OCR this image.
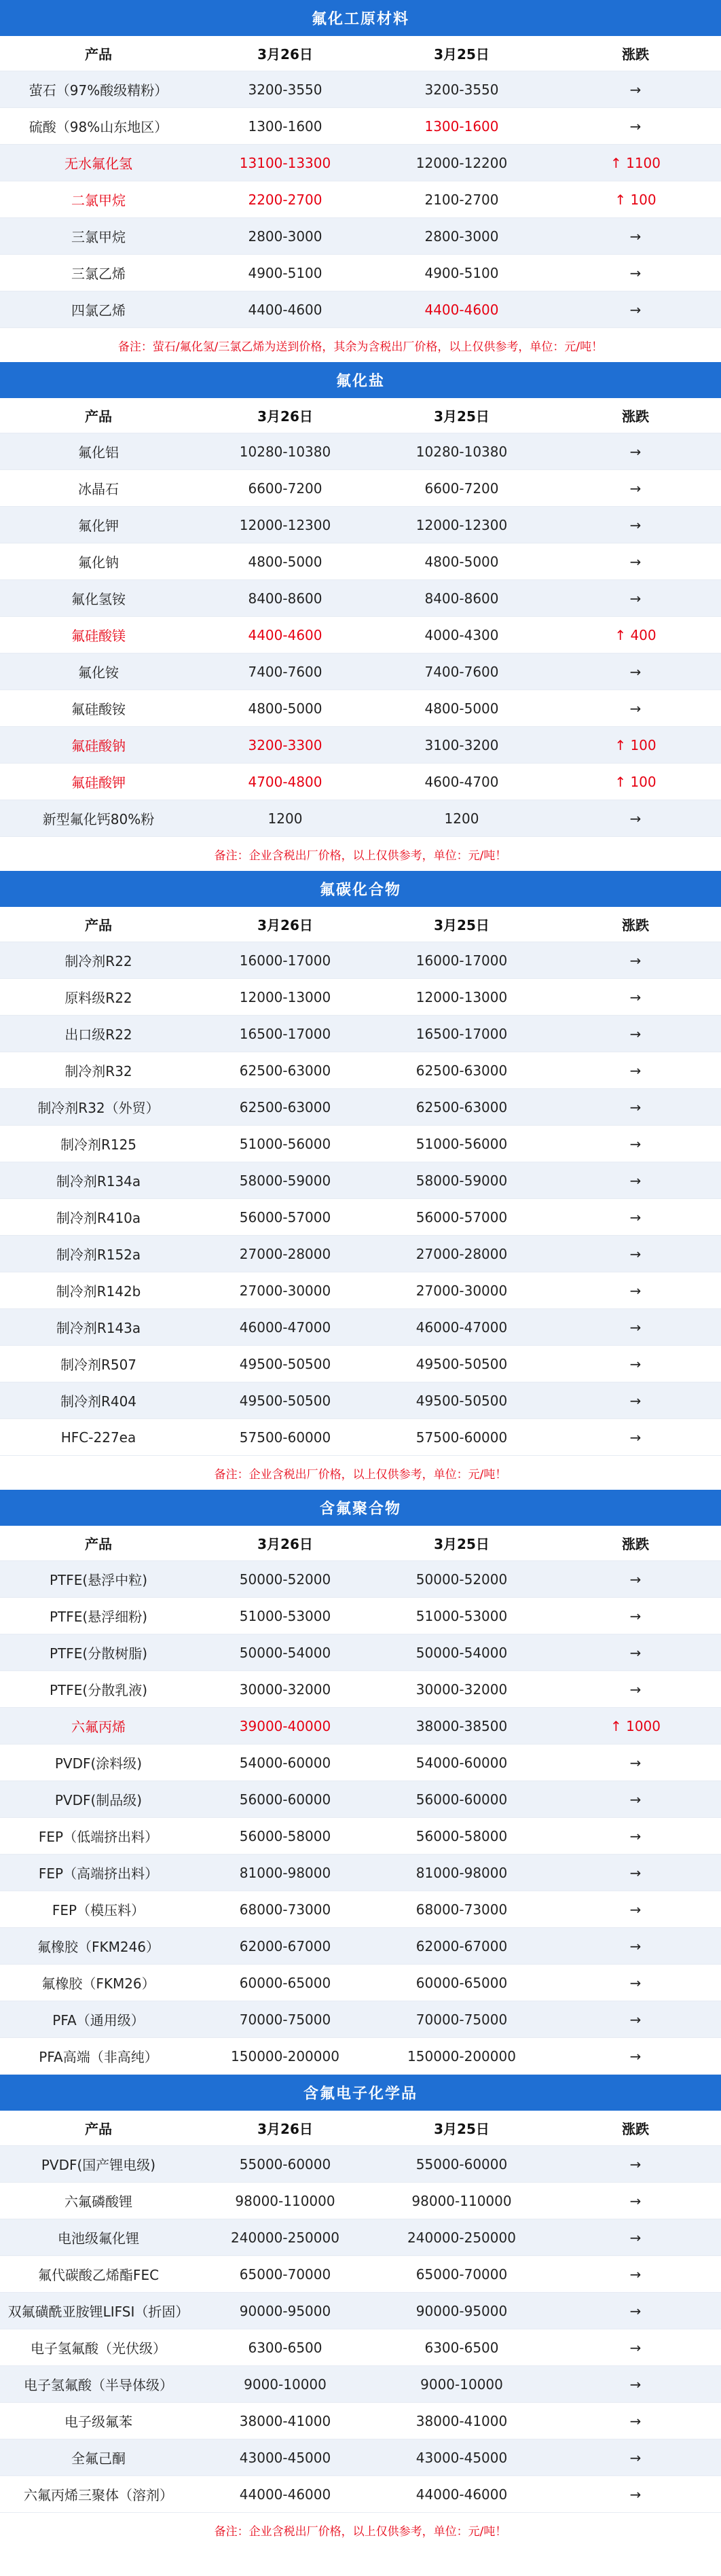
氟化工原材料
产品	3月26日	3月25日	涨跌
萤石（97%酸级精粉）	3200-3550	3200-3550	→
硫酸（98%山东地区）	1300-1600	1300-1600	→
无水氟化氢	13100-13300	12000-12200	↑ 1100
二氯甲烷	2200-2700	2100-2700	↑ 100
三氯甲烷	2800-3000	2800-3000	→
三氯乙烯	4900-5100	4900-5100	→
四氯乙烯	4400-4600	4400-4600	→
备注：萤石/氟化氢/三氯乙烯为送到价格，其余为含税出厂价格，以上仅供参考，单位：元/吨！
氟化盐
产品	3月26日	3月25日	涨跌
氟化铝	10280-10380	10280-10380	→
冰晶石	6600-7200	6600-7200	→
氟化钾	12000-12300	12000-12300	→
氟化钠	4800-5000	4800-5000	→
氟化氢铵	8400-8600	8400-8600	→
氟硅酸镁	4400-4600	4000-4300	↑ 400
氟化铵	7400-7600	7400-7600	→
氟硅酸铵	4800-5000	4800-5000	→
氟硅酸钠	3200-3300	3100-3200	↑ 100
氟硅酸钾	4700-4800	4600-4700	↑ 100
新型氟化钙80%粉	1200	1200	→
备注：企业含税出厂价格，以上仅供参考，单位：元/吨！
氟碳化合物
产品	3月26日	3月25日	涨跌
制冷剂R22	16000-17000	16000-17000	→
原料级R22	12000-13000	12000-13000	→
出口级R22	16500-17000	16500-17000	→
制冷剂R32	62500-63000	62500-63000	→
制冷剂R32（外贸）	62500-63000	62500-63000	→
制冷剂R125	51000-56000	51000-56000	→
制冷剂R134a	58000-59000	58000-59000	→
制冷剂R410a	56000-57000	56000-57000	→
制冷剂R152a	27000-28000	27000-28000	→
制冷剂R142b	27000-30000	27000-30000	→
制冷剂R143a	46000-47000	46000-47000	→
制冷剂R507	49500-50500	49500-50500	→
制冷剂R404	49500-50500	49500-50500	→
HFC-227ea	57500-60000	57500-60000	→
备注：企业含税出厂价格，以上仅供参考，单位：元/吨！
含氟聚合物
产品	3月26日	3月25日	涨跌
PTFE(悬浮中粒)	50000-52000	50000-52000	→
PTFE(悬浮细粉)	51000-53000	51000-53000	→
PTFE(分散树脂)	50000-54000	50000-54000	→
PTFE(分散乳液)	30000-32000	30000-32000	→
六氟丙烯	39000-40000	38000-38500	↑ 1000
PVDF(涂料级)	54000-60000	54000-60000	→
PVDF(制品级)	56000-60000	56000-60000	→
FEP（低端挤出料）	56000-58000	56000-58000	→
FEP（高端挤出料）	81000-98000	81000-98000	→
FEP（模压料）	68000-73000	68000-73000	→
氟橡胶（FKM246）	62000-67000	62000-67000	→
氟橡胶（FKM26）	60000-65000	60000-65000	→
PFA（通用级）	70000-75000	70000-75000	→
PFA高端（非高纯）	150000-200000	150000-200000	→
含氟电子化学品
产品	3月26日	3月25日	涨跌
PVDF(国产锂电级)	55000-60000	55000-60000	→
六氟磷酸锂	98000-110000	98000-110000	→
电池级氟化锂	240000-250000	240000-250000	→
氟代碳酸乙烯酯FEC	65000-70000	65000-70000	→
双氟磺酰亚胺锂LIFSI（折固）	90000-95000	90000-95000	→
电子氢氟酸（光伏级）	6300-6500	6300-6500	→
电子氢氟酸（半导体级）	9000-10000	9000-10000	→
电子级氟苯	38000-41000	38000-41000	→
全氟己酮	43000-45000	43000-45000	→
六氟丙烯三聚体（溶剂）	44000-46000	44000-46000	→
备注：企业含税出厂价格，以上仅供参考，单位：元/吨！
